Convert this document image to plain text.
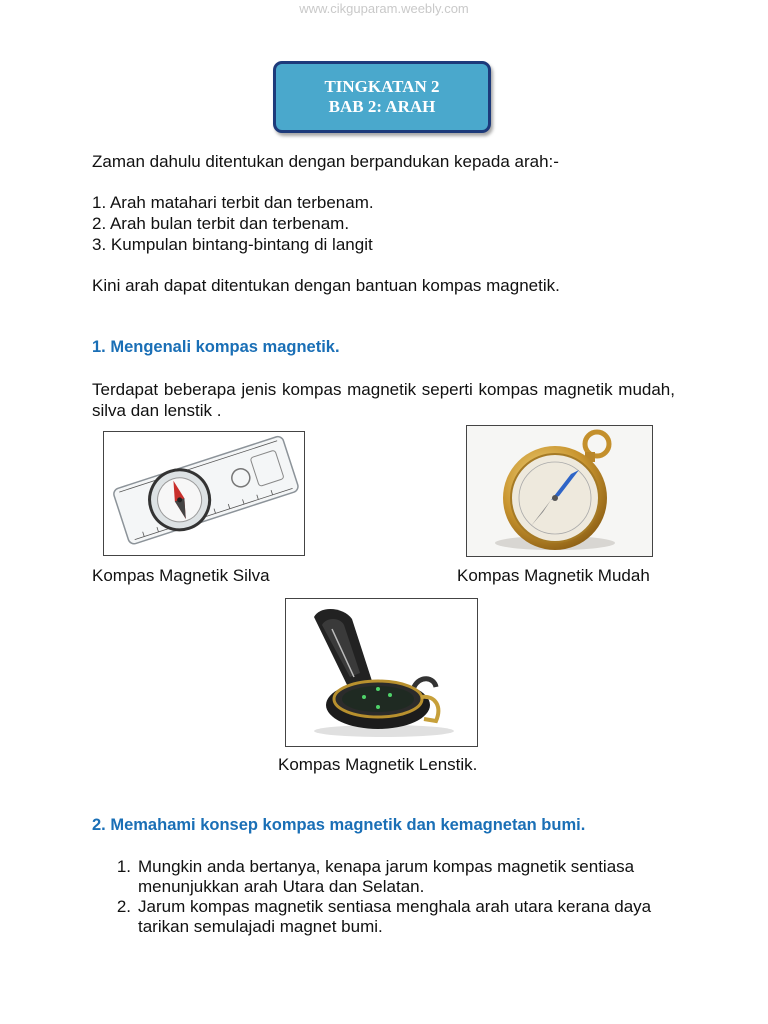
www.cikguparam.weebly.com
TINGKATAN 2
BAB 2: ARAH
Zaman dahulu ditentukan dengan berpandukan kepada arah:-
1. Arah matahari terbit dan terbenam.
2. Arah bulan terbit dan terbenam.
3. Kumpulan bintang-bintang di langit
Kini arah dapat ditentukan dengan bantuan kompas magnetik.
1. Mengenali kompas magnetik.
Terdapat beberapa jenis kompas magnetik seperti kompas magnetik mudah, silva dan lenstik .
Kompas Magnetik Silva	Kompas Magnetik Mudah
Kompas Magnetik Lenstik.
2. Memahami konsep kompas magnetik dan kemagnetan bumi.
1. Mungkin anda bertanya, kenapa jarum kompas magnetik sentiasa menunjukkan arah Utara dan Selatan.
2. Jarum kompas magnetik sentiasa menghala arah utara kerana daya tarikan semulajadi magnet bumi.
